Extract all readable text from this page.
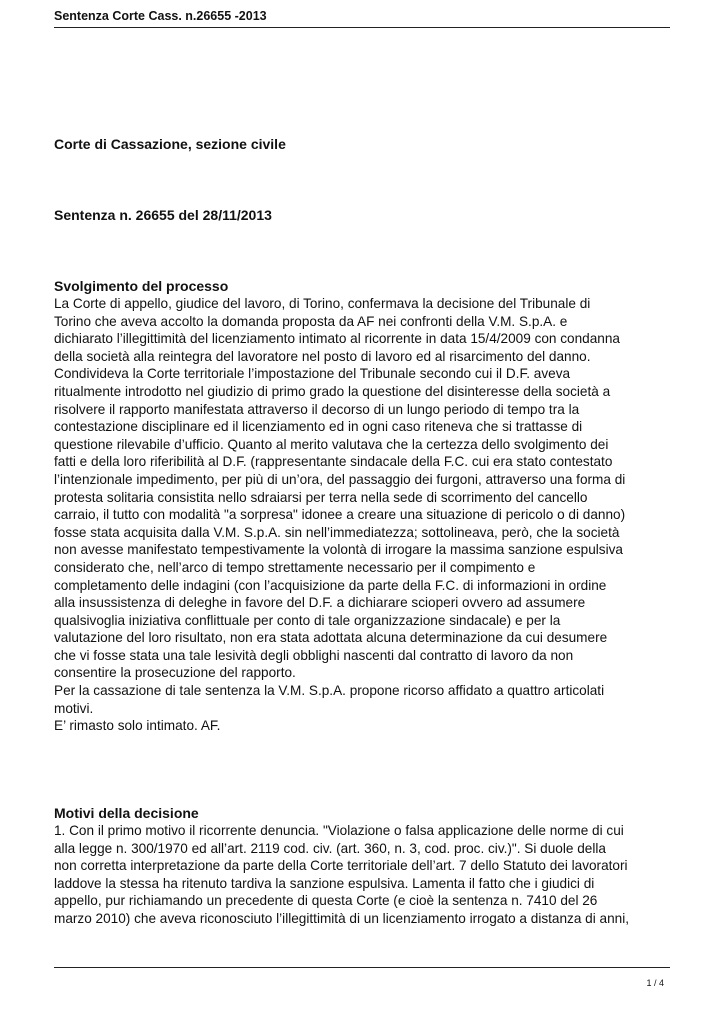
Sentenza Corte Cass. n.26655 -2013
Corte di Cassazione, sezione civile
Sentenza n. 26655 del 28/11/2013
Svolgimento del processo
La Corte di appello, giudice del lavoro, di Torino, confermava la decisione del Tribunale di
Torino che aveva accolto la domanda proposta da AF nei confronti della V.M. S.p.A. e
dichiarato l’illegittimità del licenziamento intimato al ricorrente in data 15/4/2009 con condanna
della società alla reintegra del lavoratore nel posto di lavoro ed al risarcimento del danno.
Condivideva la Corte territoriale l’impostazione del Tribunale secondo cui il D.F. aveva
ritualmente introdotto nel giudizio di primo grado la questione del disinteresse della società a
risolvere il rapporto manifestata attraverso il decorso di un lungo periodo di tempo tra la
contestazione disciplinare ed il licenziamento ed in ogni caso riteneva che si trattasse di
questione rilevabile d’ufficio. Quanto al merito valutava che la certezza dello svolgimento dei
fatti e della loro riferibilità al D.F. (rappresentante sindacale della F.C. cui era stato contestato
l’intenzionale impedimento, per più di un’ora, del passaggio dei furgoni, attraverso una forma di
protesta solitaria consistita nello sdraiarsi per terra nella sede di scorrimento del cancello
carraio, il tutto con modalità "a sorpresa" idonee a creare una situazione di pericolo o di danno)
fosse stata acquisita dalla V.M. S.p.A. sin nell’immediatezza; sottolineava, però, che la società
non avesse manifestato tempestivamente la volontà di irrogare la massima sanzione espulsiva
considerato che, nell’arco di tempo strettamente necessario per il compimento e
completamento delle indagini (con l’acquisizione da parte della F.C. di informazioni in ordine
alla insussistenza di deleghe in favore del D.F. a dichiarare scioperi ovvero ad assumere
qualsivoglia iniziativa conflittuale per conto di tale organizzazione sindacale) e per la
valutazione del loro risultato, non era stata adottata alcuna determinazione da cui desumere
che vi fosse stata una tale lesività degli obblighi nascenti dal contratto di lavoro da non
consentire la prosecuzione del rapporto.
Per la cassazione di tale sentenza la V.M. S.p.A. propone ricorso affidato a quattro articolati
motivi.
E’ rimasto solo intimato. AF.
Motivi della decisione
1. Con il primo motivo il ricorrente denuncia. "Violazione o falsa applicazione delle norme di cui
alla legge n. 300/1970 ed all’art. 2119 cod. civ. (art. 360, n. 3, cod. proc. civ.)". Si duole della
non corretta interpretazione da parte della Corte territoriale dell’art. 7 dello Statuto dei lavoratori
laddove la stessa ha ritenuto tardiva la sanzione espulsiva. Lamenta il fatto che i giudici di
appello, pur richiamando un precedente di questa Corte (e cioè la sentenza n. 7410 del 26
marzo 2010) che aveva riconosciuto l’illegittimità di un licenziamento irrogato a distanza di anni,
1 / 4
